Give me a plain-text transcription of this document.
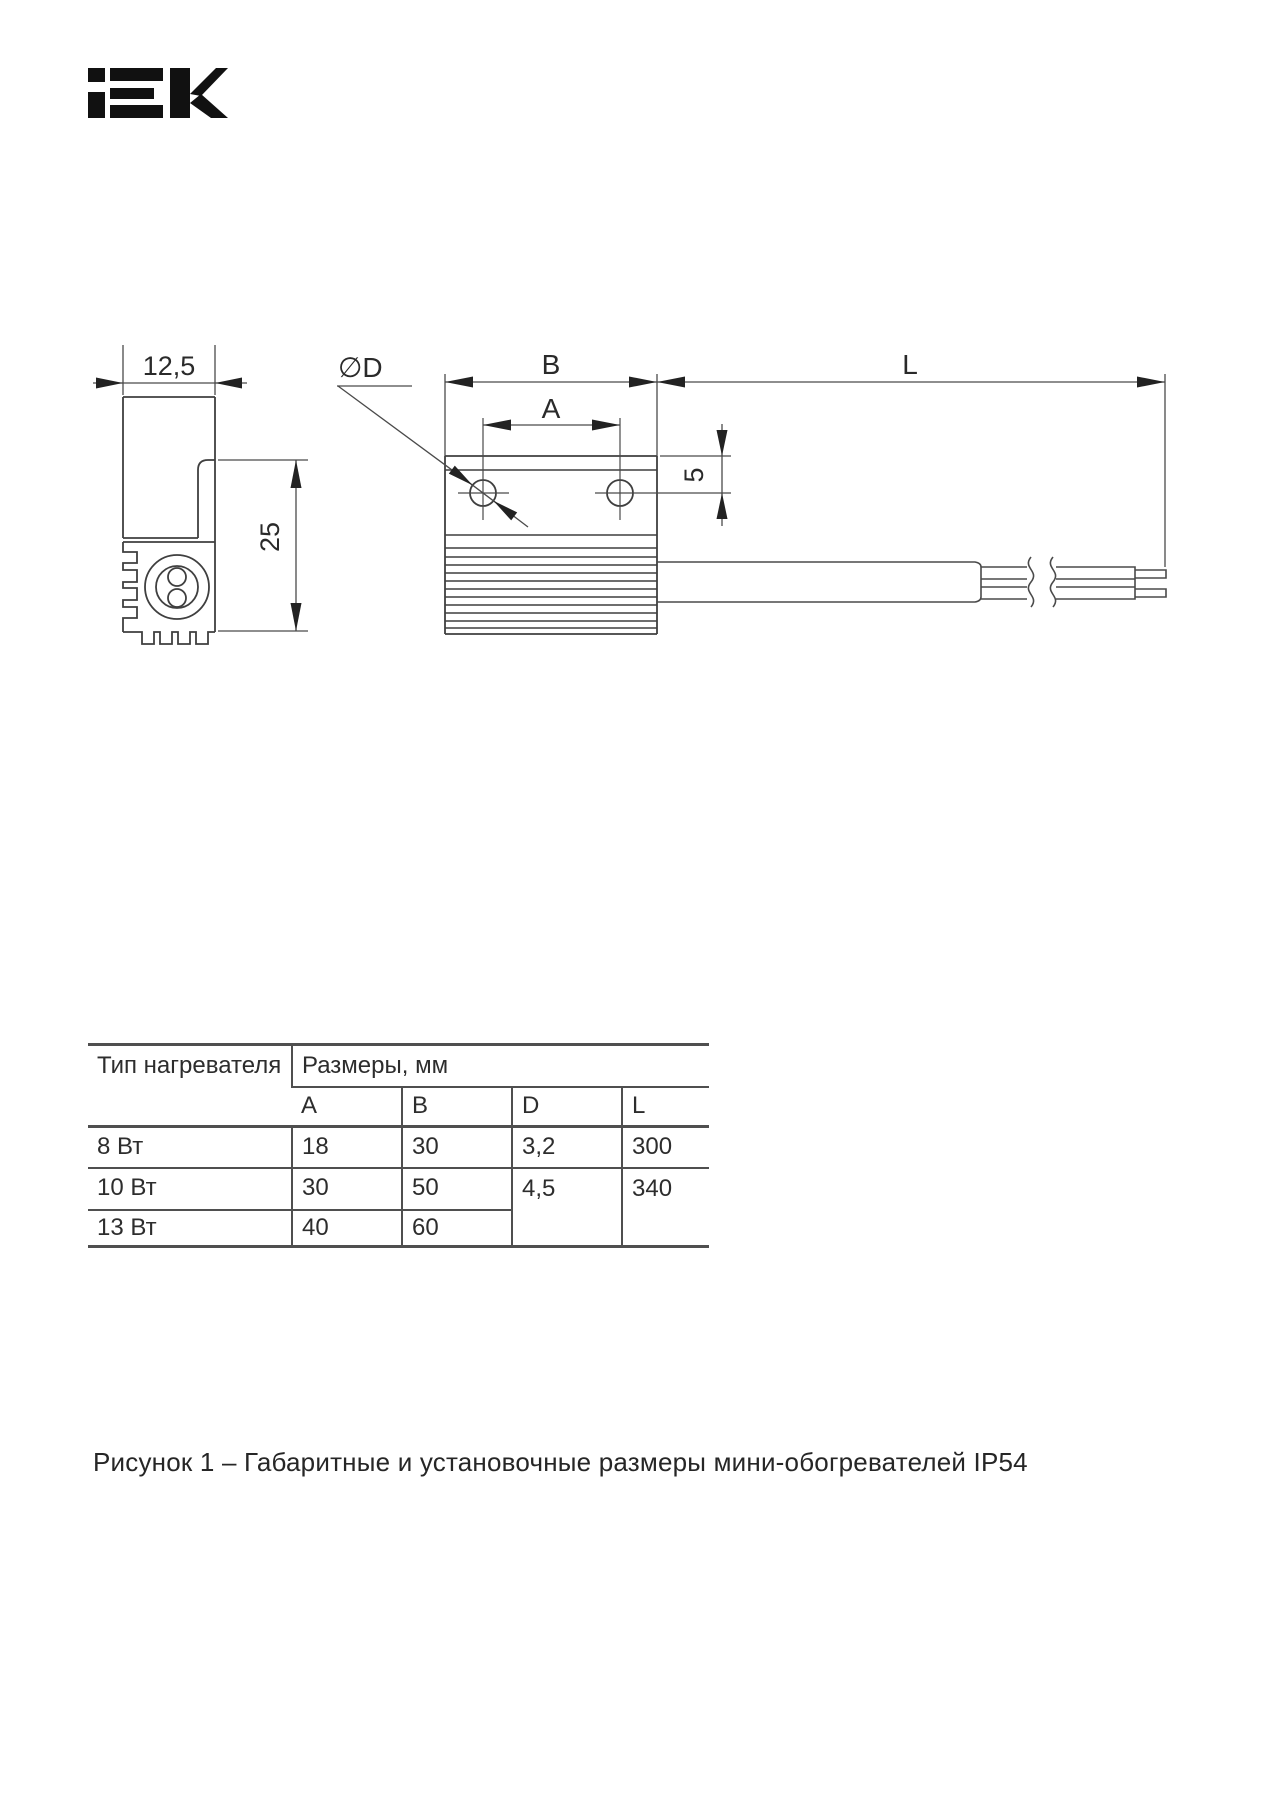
12,5
25
B
A
5
L
∅D
Тип нагревателя	Размеры, мм			
	A	B	D	L
8 Вт	18	30	3,2	300
10 Вт	30	50	4,5	340
13 Вт	40	60		
Рисунок 1 – Габаритные и установочные размеры мини-обогревателей IP54
